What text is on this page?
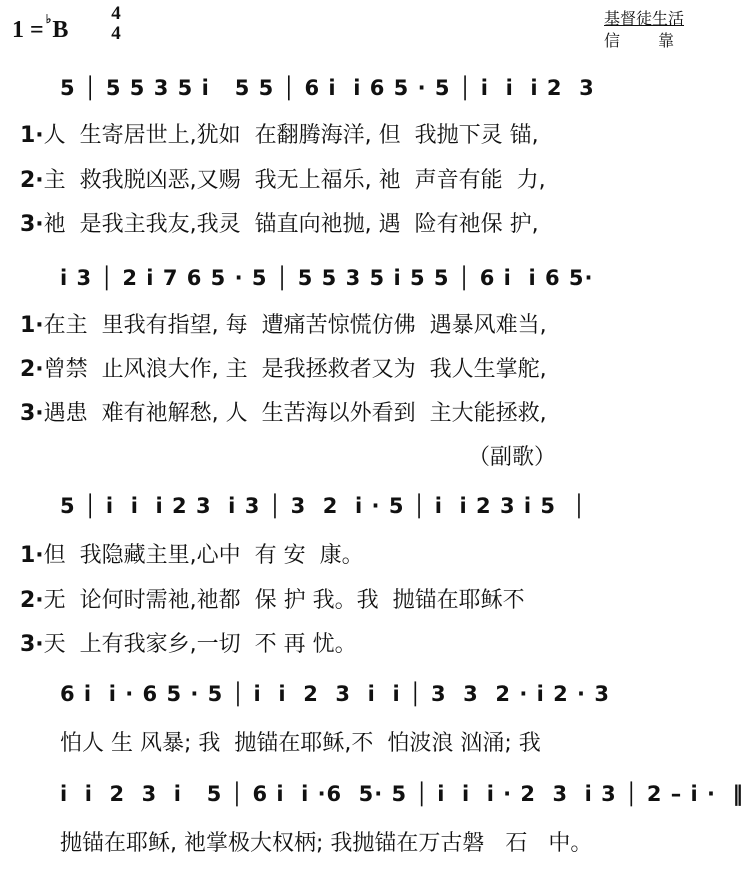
1 = ♭B
4
4
基督徒生活
信靠
5 │ 5 5 3 5 i   5 5 │ 6 i  i 6 5 · 5 │ i  i  i 2  3
1·人  生寄居世上,犹如  在翻腾海洋, 但  我抛下灵 锚,
2·主  救我脱凶恶,又赐  我无上福乐, 祂  声音有能  力,
3·祂  是我主我友,我灵  锚直向祂抛, 遇  险有祂保 护,
i 3 │ 2 i 7 6 5 · 5 │ 5 5 3 5 i 5 5 │ 6 i  i 6 5·
1·在主  里我有指望, 每  遭痛苦惊慌仿佛  遇暴风难当,
2·曾禁  止风浪大作, 主  是我拯救者又为  我人生掌舵,
3·遇患  难有祂解愁, 人  生苦海以外看到  主大能拯救,
（副歌）
5 │ i  i  i 2 3  i 3 │ 3  2  i · 5 │ i  i 2 3 i 5  │
1·但  我隐藏主里,心中  有 安  康。
2·无  论何时需祂,祂都  保 护 我。我  抛锚在耶稣不
3·天  上有我家乡,一切  不 再 忧。
6 i  i · 6 5 · 5 │ i  i  2  3  i  i │ 3  3  2 · i 2 · 3
怕人 生 风暴; 我  抛锚在耶稣,不  怕波浪 汹涌; 我
i  i  2  3  i   5 │ 6 i  i ·6  5· 5 │ i  i  i · 2  3  i 3 │ 2 – i ·  ‖
抛锚在耶稣, 祂掌极大权柄; 我抛锚在万古磐   石   中。
